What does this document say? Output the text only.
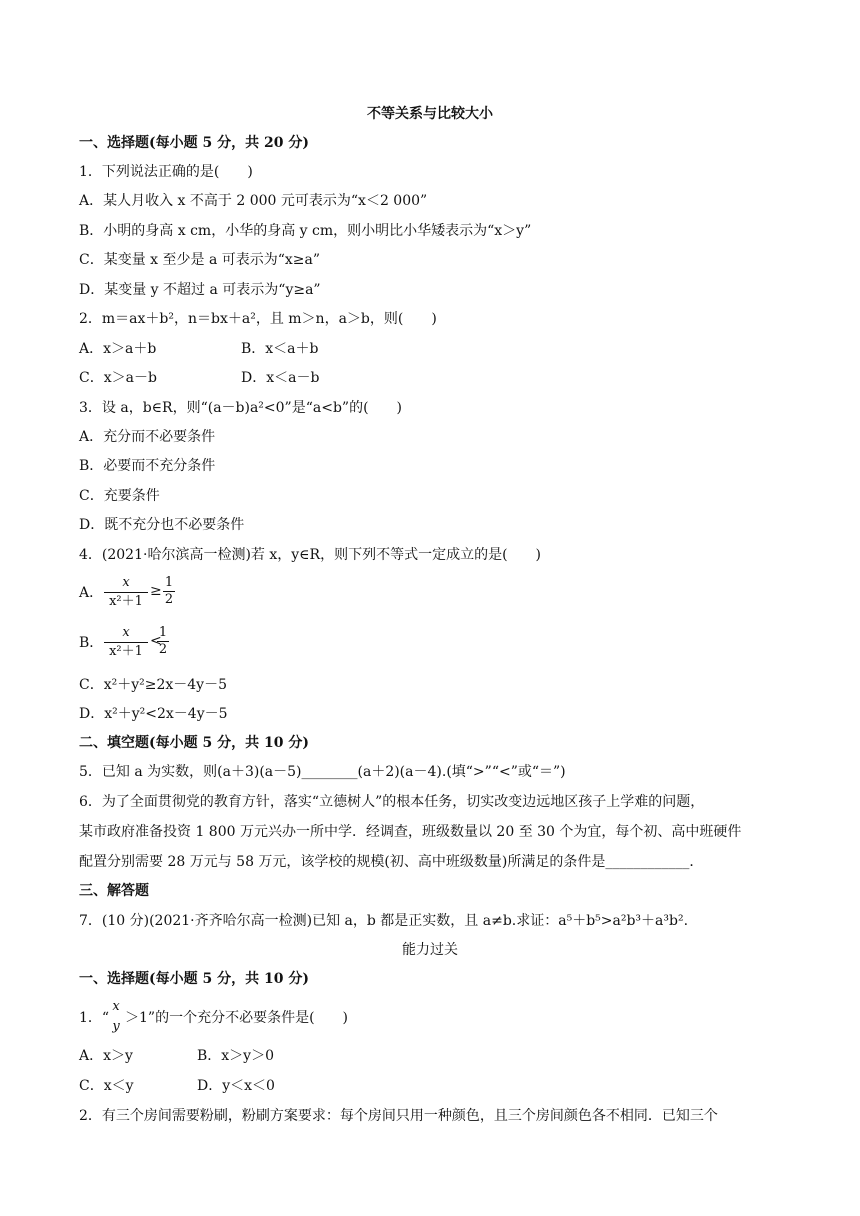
不等关系与比较大小
一、选择题(每小题 5 分，共 20 分)
1．下列说法正确的是(　　)
A．某人月收入 x 不高于 2 000 元可表示为“x＜2 000”
B．小明的身高 x cm，小华的身高 y cm，则小明比小华矮表示为“x＞y”
C．某变量 x 至少是 a 可表示为“x≥a”
D．某变量 y 不超过 a 可表示为“y≥a”
2．m＝ax＋b²，n＝bx＋a²，且 m＞n，a＞b，则(　　)
A．x＞a＋b	B．x＜a＋b
C．x＞a－b	D．x＜a－b
3．设 a，b∈R，则“(a－b)a²<0”是“a<b”的(　　)
A．充分而不必要条件
B．必要而不充分条件
C．充要条件
D．既不充分也不必要条件
4．(2021·哈尔滨高一检测)若 x，y∈R，则下列不等式一定成立的是(　　)
A．
x
x²＋1
≥
1
2
B．
x
x²＋1
<
1
2
C．x²＋y²≥2x－4y－5
D．x²＋y²<2x－4y－5
二、填空题(每小题 5 分，共 10 分)
5．已知 a 为实数，则(a＋3)(a－5)________(a＋2)(a－4).(填“>”“<”或“＝”)
6．为了全面贯彻党的教育方针，落实“立德树人”的根本任务，切实改变边远地区孩子上学难的问题，
某市政府准备投资 1 800 万元兴办一所中学．经调查，班级数量以 20 至 30 个为宜，每个初、高中班硬件
配置分别需要 28 万元与 58 万元，该学校的规模(初、高中班级数量)所满足的条件是____________．
三、解答题
7．(10 分)(2021·齐齐哈尔高一检测)已知 a，b 都是正实数，且 a≠b.求证：a⁵＋b⁵>a²b³＋a³b².
能力过关
一、选择题(每小题 5 分，共 10 分)
1．“
x
y
＞1”的一个充分不必要条件是(　　)
A．x＞y	B．x＞y＞0
C．x＜y	D．y＜x＜0
2．有三个房间需要粉刷，粉刷方案要求：每个房间只用一种颜色，且三个房间颜色各不相同．已知三个
